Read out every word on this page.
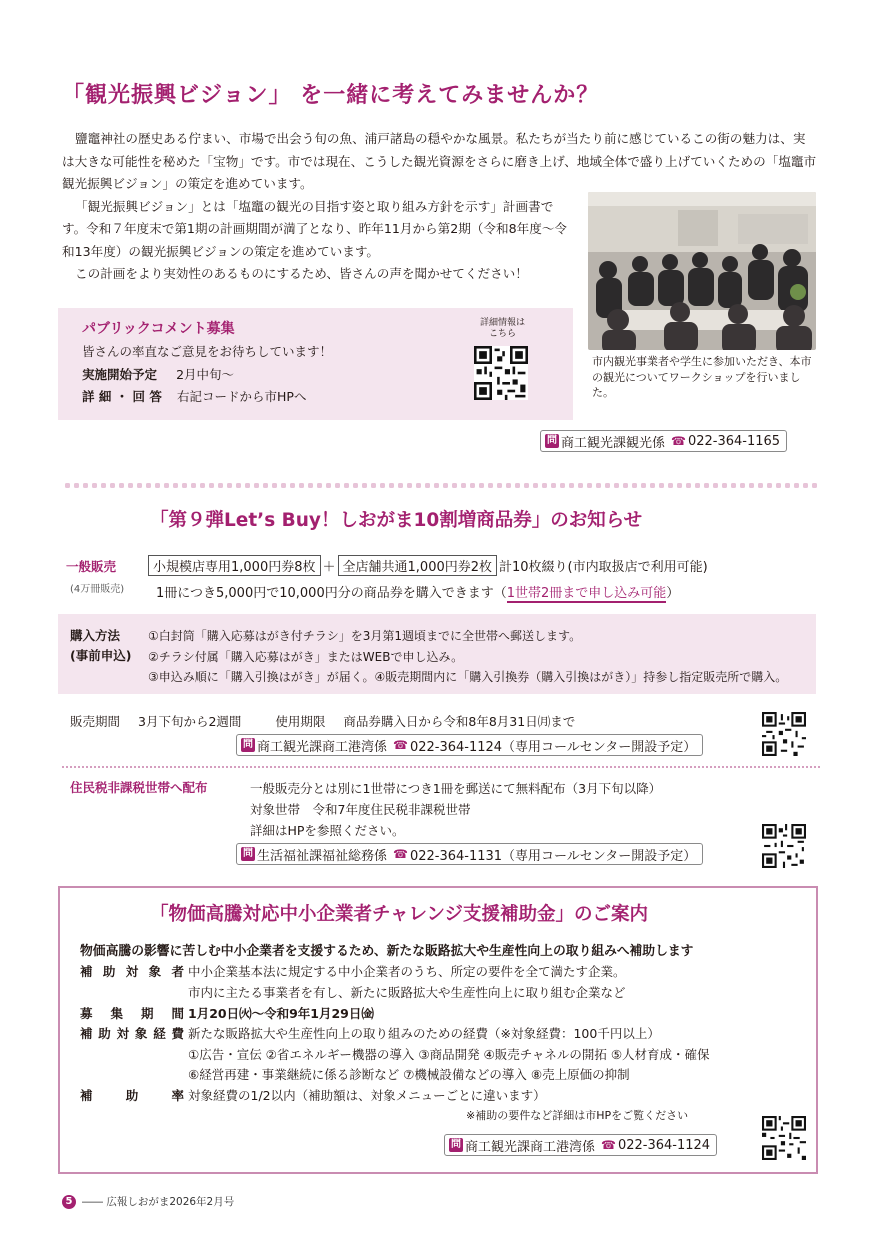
「観光振興ビジョン」 を一緒に考えてみませんか？

鹽竈神社の歴史ある佇まい、市場で出会う旬の魚、浦戸諸島の穏やかな風景。私たちが当たり前に感じているこの街の魅力は、実は大きな可能性を秘めた「宝物」です。市では現在、こうした観光資源をさらに磨き上げ、地域全体で盛り上げていくための「塩竈市観光振興ビジョン」の策定を進めています。

「観光振興ビジョン」とは「塩竈の観光の目指す姿と取り組み方針を示す」計画書です。令和７年度末で第1期の計画期間が満了となり、昨年11月から第2期（令和8年度〜令和13年度）の観光振興ビジョンの策定を進めています。

この計画をより実効性のあるものにするため、皆さんの声を聞かせてください！

市内観光事業者や学生に参加いただき、本市の観光についてワークショップを行いました。
パブリックコメント募集
皆さんの率直なご意見をお待ちしています！
実施開始予定 2月中旬〜
詳 細 ・ 回 答 右記コードから市HPへ
詳細情報は
こちら
問 商工観光課観光係 ☎ 022-364-1165
「第９弾Let’s Buy！しおがま10割増商品券」のお知らせ
一般販売
(4万冊販売)
小規模店専用1,000円券8枚 ＋ 全店舗共通1,000円券2枚 計10枚綴り(市内取扱店で利用可能)
1冊につき5,000円で10,000円分の商品券を購入できます（1世帯2冊まで申し込み可能）
購入方法
(事前申込)
①白封筒「購入応募はがき付チラシ」を3月第1週頃までに全世帯へ郵送します。
②チラシ付属「購入応募はがき」またはWEBで申し込み。
③申込み順に「購入引換はがき」が届く。④販売期間内に「購入引換券（購入引換はがき）」持参し指定販売所で購入。
販売期間 3月下旬から2週間	使用期限 商品券購入日から令和8年8月31日㈪まで
問 商工観光課商工港湾係 ☎ 022-364-1124（専用コールセンター開設予定）
住民税非課税世帯へ配布	一般販売分とは別に1世帯につき1冊を郵送にて無料配布（3月下旬以降）
対象世帯　令和7年度住民税非課税世帯
詳細はHPを参照ください。
問 生活福祉課福祉総務係 ☎ 022-364-1131（専用コールセンター開設予定）
「物価高騰対応中小企業者チャレンジ支援補助金」のご案内
物価高騰の影響に苦しむ中小企業者を支援するため、新たな販路拡大や生産性向上の取り組みへ補助します
補助対象者 中小企業基本法に規定する中小企業者のうち、所定の要件を全て満たす企業。
市内に主たる事業者を有し、新たに販路拡大や生産性向上に取り組む企業など
募集期間 1月20日㈫〜令和9年1月29日㈮
補助対象経費 新たな販路拡大や生産性向上の取り組みのための経費（※対象経費：100千円以上）
①広告・宣伝 ②省エネルギー機器の導入 ③商品開発 ④販売チャネルの開拓 ⑤人材育成・確保
⑥経営再建・事業継続に係る診断など ⑦機械設備などの導入 ⑧売上原価の抑制
補助率 対象経費の1/2以内（補助額は、対象メニューごとに違います）
※補助の要件など詳細は市HPをご覧ください
問 商工観光課商工港湾係 ☎ 022-364-1124
5 ―― 広報しおがま2026年2月号
